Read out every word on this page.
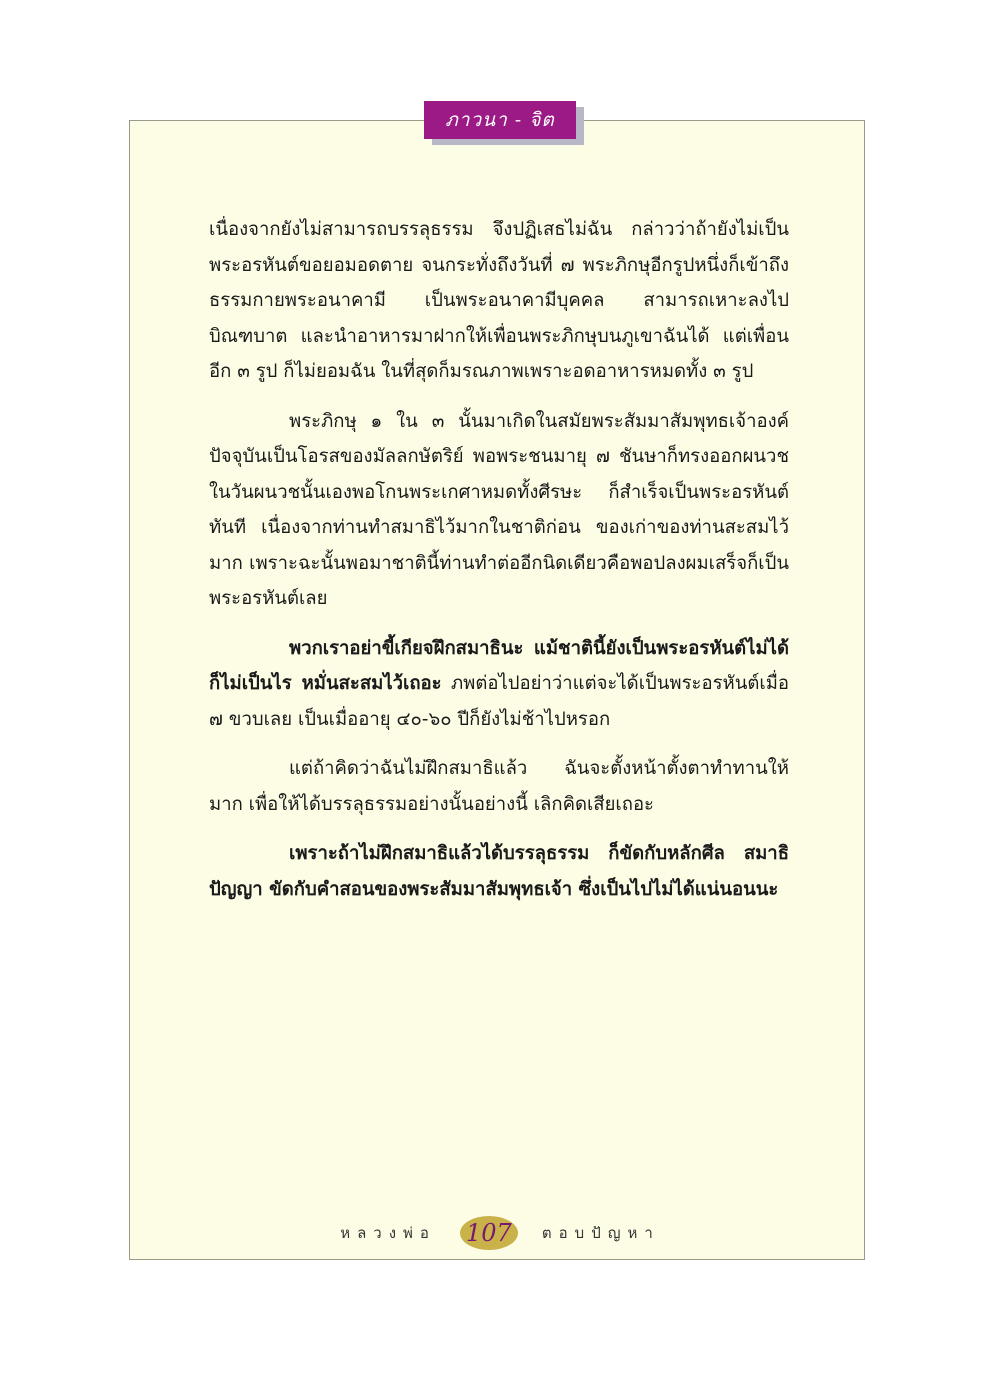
ภาวนา - จิต

เนื่องจากยังไม่สามารถบรรลุธรรม จึงปฏิเสธไม่ฉัน กล่าวว่าถ้ายังไม่เป็นพระอรหันต์ขอยอมอดตาย จนกระทั่งถึงวันที่ ๗ พระภิกษุอีกรูปหนึ่งก็เข้าถึงธรรมกายพระอนาคามี เป็นพระอนาคามีบุคคล สามารถเหาะลงไปบิณฑบาต และนำอาหารมาฝากให้เพื่อนพระภิกษุบนภูเขาฉันได้ แต่เพื่อนอีก ๓ รูป ก็ไม่ยอมฉัน ในที่สุดก็มรณภาพเพราะอดอาหารหมดทั้ง ๓ รูป

พระภิกษุ ๑ ใน ๓ นั้นมาเกิดในสมัยพระสัมมาสัมพุทธเจ้าองค์ปัจจุบันเป็นโอรสของมัลลกษัตริย์ พอพระชนมายุ ๗ ชันษาก็ทรงออกผนวช ในวันผนวชนั้นเองพอโกนพระเกศาหมดทั้งศีรษะ ก็สำเร็จเป็นพระอรหันต์ทันที เนื่องจากท่านทำสมาธิไว้มากในชาติก่อน ของเก่าของท่านสะสมไว้มาก เพราะฉะนั้นพอมาชาตินี้ท่านทำต่ออีกนิดเดียวคือพอปลงผมเสร็จก็เป็นพระอรหันต์เลย

พวกเราอย่าขี้เกียจฝึกสมาธินะ แม้ชาตินี้ยังเป็นพระอรหันต์ไม่ได้ก็ไม่เป็นไร หมั่นสะสมไว้เถอะ ภพต่อไปอย่าว่าแต่จะได้เป็นพระอรหันต์เมื่อ ๗ ขวบเลย เป็นเมื่ออายุ ๔๐-๖๐ ปีก็ยังไม่ช้าไปหรอก

แต่ถ้าคิดว่าฉันไม่ฝึกสมาธิแล้ว ฉันจะตั้งหน้าตั้งตาทำทานให้มาก เพื่อให้ได้บรรลุธรรมอย่างนั้นอย่างนี้ เลิกคิดเสียเถอะ

เพราะถ้าไม่ฝึกสมาธิแล้วได้บรรลุธรรม ก็ขัดกับหลักศีล สมาธิ ปัญญา ขัดกับคำสอนของพระสัมมาสัมพุทธเจ้า ซึ่งเป็นไปไม่ได้แน่นอนนะ

หลวงพ่อ 107 ตอบปัญหา
